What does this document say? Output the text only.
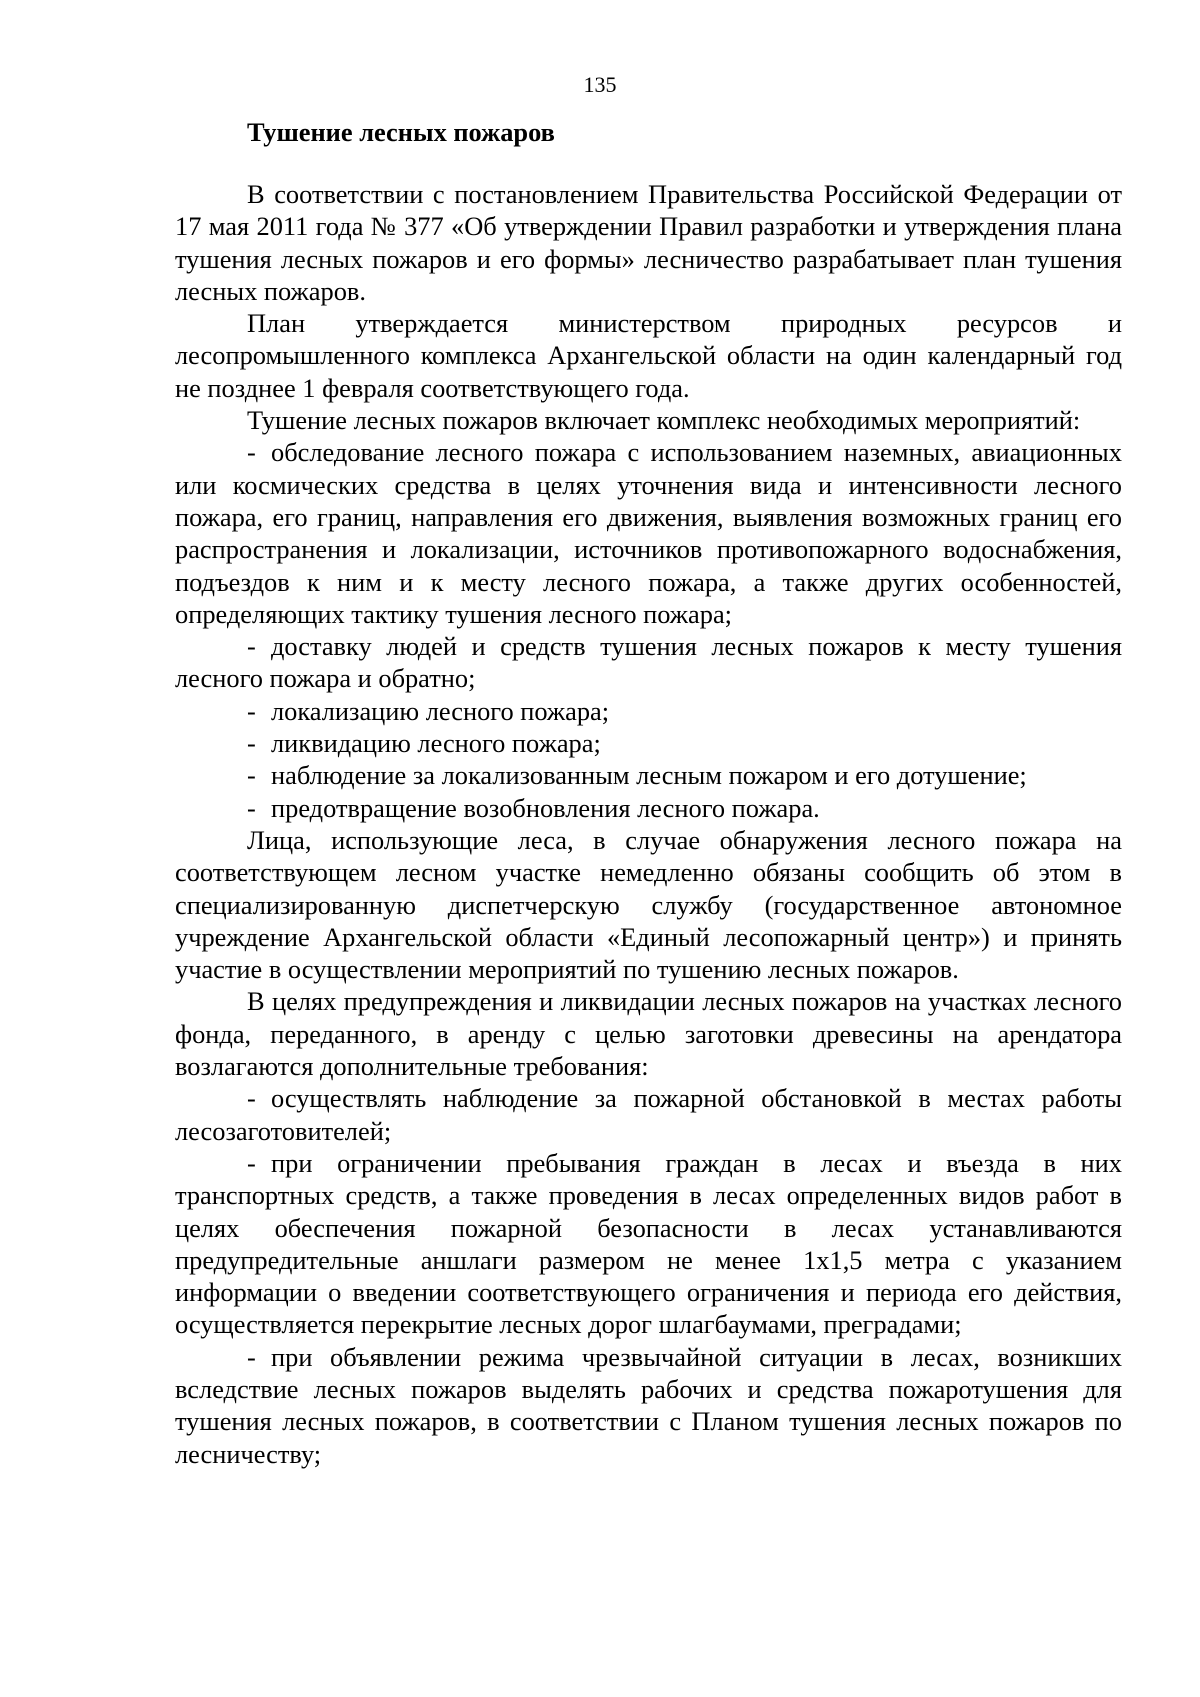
135
Тушение лесных пожаров

В соответствии с постановлением Правительства Российской Федерации от 17 мая 2011 года № 377 «Об утверждении Правил разработки и утверждения плана тушения лесных пожаров и его формы» лесничество разрабатывает план тушения лесных пожаров.

План утверждается министерством природных ресурсов и лесопромышленного комплекса Архангельской области на один календарный год не позднее 1 февраля соответствующего года.

Тушение лесных пожаров включает комплекс необходимых мероприятий:

- обследование лесного пожара с использованием наземных, авиационных или космических средства в целях уточнения вида и интенсивности лесного пожара, его границ, направления его движения, выявления возможных границ его распространения и локализации, источников противопожарного водоснабжения, подъездов к ним и к месту лесного пожара, а также других особенностей, определяющих тактику тушения лесного пожара;

- доставку людей и средств тушения лесных пожаров к месту тушения лесного пожара и обратно;

- локализацию лесного пожара;

- ликвидацию лесного пожара;

- наблюдение за локализованным лесным пожаром и его дотушение;

- предотвращение возобновления лесного пожара.

Лица, использующие леса, в случае обнаружения лесного пожара на соответствующем лесном участке немедленно обязаны сообщить об этом в специализированную диспетчерскую службу (государственное автономное учреждение Архангельской области «Единый лесопожарный центр») и принять участие в осуществлении мероприятий по тушению лесных пожаров.

В целях предупреждения и ликвидации лесных пожаров на участках лесного фонда, переданного, в аренду с целью заготовки древесины на арендатора возлагаются дополнительные требования:

- осуществлять наблюдение за пожарной обстановкой в местах работы лесозаготовителей;

- при ограничении пребывания граждан в лесах и въезда в них транспортных средств, а также проведения в лесах определенных видов работ в целях обеспечения пожарной безопасности в лесах устанавливаются предупредительные аншлаги размером не менее 1х1,5 метра с указанием информации о введении соответствующего ограничения и периода его действия, осуществляется перекрытие лесных дорог шлагбаумами, преградами;

- при объявлении режима чрезвычайной ситуации в лесах, возникших вследствие лесных пожаров выделять рабочих и средства пожаротушения для тушения лесных пожаров, в соответствии с Планом тушения лесных пожаров по лесничеству;
